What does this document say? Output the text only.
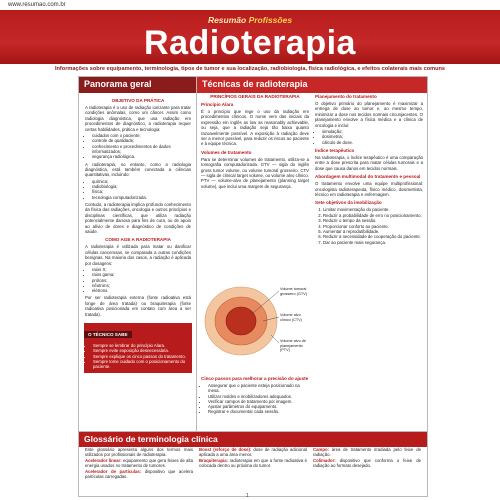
www.resumao.com.br
Resumão Profissões
Radioterapia
Informações sobre equipamento, terminologia, tipos de tumor e sua localização, radiobiologia, física radiológica, e efeitos colaterais mais comuns
Panorama geral
OBJETIVO DA PRÁTICA
A radioterapia é o uso de radiação ionizante para tratar condições anômalas, como um câncer. Assim como radiologia diagnóstica, que usa radiação em procedimentos de diagnóstico, a radioterapia requer certas habilidades, prática e tecnologia:
• cuidados com o paciente;
• controle de qualidade;
• conhecimento e procedimentos de dados informatizados;
• segurança radiológica.
A radioterapia, no entanto, como a radiologia diagnóstica, está também conectada a ciências quantitativas, incluindo:
• química;
• radiobiologia;
• física;
• tecnologia computadorizada.
Contudo, a radioterapia implica profundo conhecimento da física das radiações, oncologia e outros princípios e disciplinas científicas, que utiliza radiação potencialmente danosa para fins de cura, ou de apoio ao alívio de dores e diagnóstico de condições de saúde.
COMO AGE A RADIOTERAPIA
A radioterapia é utilizada para matar ou danificar células cancerosas, se comparada a outras condições benignas. Na maioria dos casos, a radiação é aplicada por dosagens:
• raios X;
• raios gama;
• prótons;
• nêutrons;
• elétrons.
Por ser radioterapia externa (fonte radioativa está longe de área tratada) ou braquiterapia (fonte radioativa posicionada em contato com área a ser tratada).
O TÉCNICO SABE
• Sempre se lembrar do princípio Alara.
• Sempre evite exposição desnecessária.
• Sempre explique os cinco passos do tratamento.
• Sempre tome cuidado com o posicionamento do paciente.
Técnicas de radioterapia
PRINCÍPIOS GERAIS DA RADIOTERAPIA
Princípio Alara
É o princípio que rege o uso da radiação em procedimentos clínicos. O nome vem das iniciais da expressão em inglês as low as reasonably achievable, ou seja, que a radiação seja tão baixa quanto razoavelmente possível. A exposição à radiação deve ser a menor possível, para reduzir os riscos ao paciente e à equipe técnica.
Volumes de tratamento
Para se determinar volumes de tratamento, utiliza-se a tomografia computadorizada. GTV — sigla do inglês gross tumor volume, ou volume tumoral grosseiro. CTV — sigla de clinical target volume, ou volume alvo clínico. PTV — volume-alvo de planejamento (planning target volume), que inclui uma margem de segurança.
Volume tumoral grosseiro (GTV)
Volume alvo clínico (CTV)
Volume alvo de planejamento (PTV)
Cinco passos para melhorar a precisão do ajuste
• Assegurar que o paciente esteja posicionado na mesa.
• Utilizar moldes e imobilizadores adequados.
• Verificar campos de tratamento por imagem.
• Ajustar parâmetros do equipamento.
• Registrar e documentar cada sessão.
Planejamento do tratamento
O objetivo primário do planejamento é maximizar a entrega de dose ao tumor e, ao mesmo tempo, minimizar a dose nos tecidos normais circunjacentes. O planejamento envolve a física médica e a clínica de oncologia e inclui:
• simulação;
• dosimetria;
• cálculo de dose.
Índice terapêutico
Na radioterapia, o índice terapêutico é uma comparação entre a dose prescrita para matar células tumorais e a dose que causa danos em tecidos normais.
Abordagem multimodal do tratamento e pessoal
O tratamento envolve uma equipe multiprofissional: oncologista radioterapeuta, físico médico, dosimetrista, técnico em radioterapia e enfermagem.
Sete objetivos da imobilização
1. Limitar movimentação do paciente.
2. Reduzir a probabilidade de erro no posicionamento.
3. Reduzir o tempo da sessão.
4. Proporcionar conforto ao paciente.
5. Aumentar a reprodutibilidade.
6. Reduzir a necessidade de cooperação do paciente.
7. Dar ao paciente mais segurança.
Glossário de terminologia clínica
Este glossário apresenta alguns dos termos mais utilizados por profissionais de radioterapia.
Acelerador linear: equipamento que gera feixes de alta energia usados no tratamento de tumores.
Acelerador de partículas: dispositivo que acelera partículas carregadas.
Boost (reforço de dose): dose de radiação adicional aplicada a uma área menor.
Braquiterapia: radioterapia em que a fonte radioativa é colocada dentro ou próxima do tumor.
Campo: área de tratamento irradiada pelo feixe de radiação.
Colimador: dispositivo que conforma o feixe de radiação ao formato desejado.
1
